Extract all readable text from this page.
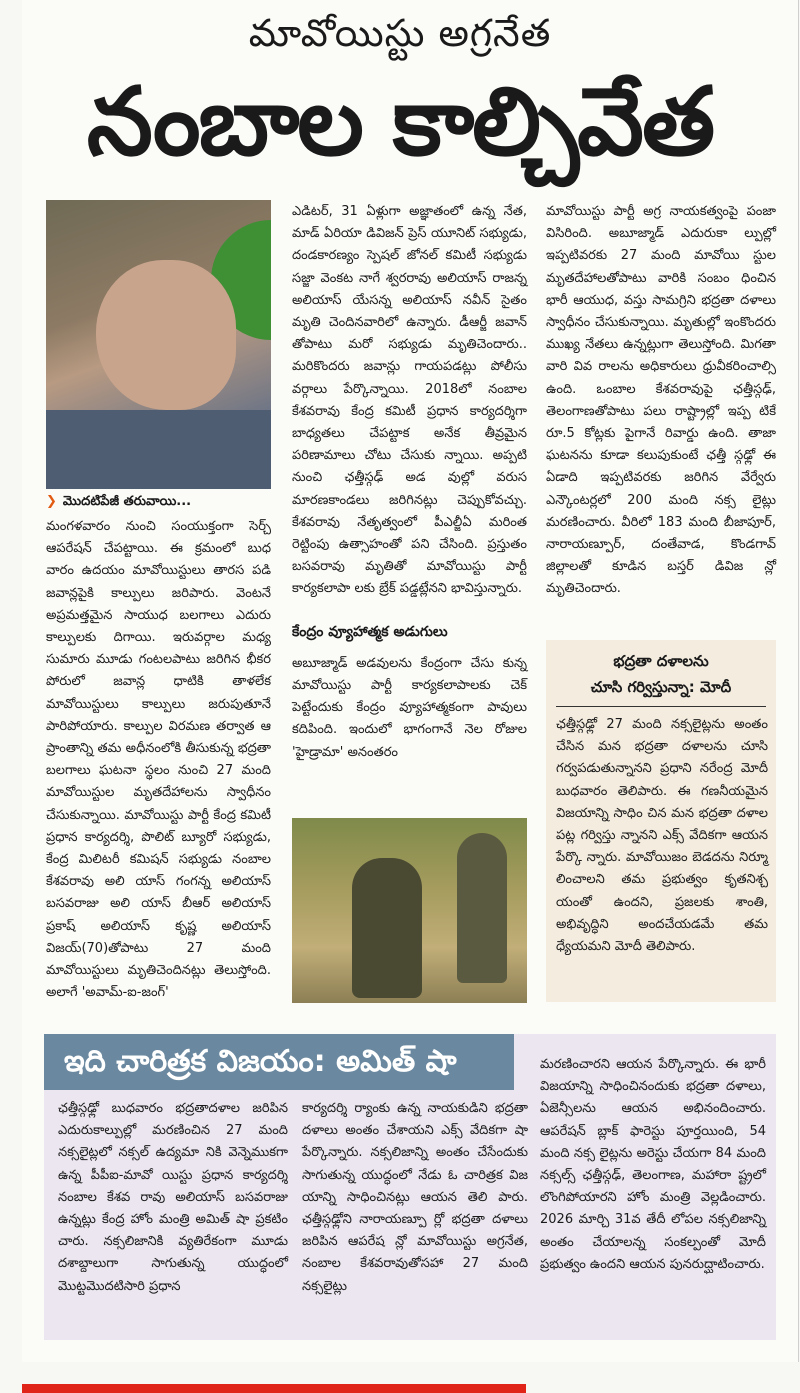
మావోయిస్టు అగ్రనేత
నంబాల కాల్చివేత
❯ మొదటిపేజీ తరువాయి...

మంగళవారం నుంచి సంయుక్తంగా సెర్చ్ ఆపరేషన్ చేపట్టాయి. ఈ క్రమంలో బుధ వారం ఉదయం మావోయిస్టులు తారస పడి జవాన్లపైకి కాల్పులు జరిపారు. వెంటనే అప్రమత్తమైన సాయుధ బలగాలు ఎదురు కాల్పులకు దిగాయి. ఇరువర్గాల మధ్య సుమారు మూడు గంటలపాటు జరిగిన భీకర పోరులో జవాన్ల ధాటికి తాళలేక మావోయిస్టులు కాల్పులు జరుపుతూనే పారిపోయారు. కాల్పుల విరమణ తర్వాత ఆ ప్రాంతాన్ని తమ అధీనంలోకి తీసుకున్న భద్రతా బలగాలు ఘటనా స్థలం నుంచి 27 మంది మావోయిస్టుల మృతదేహాలను స్వాధీనం చేసుకున్నాయి. మావోయిస్టు పార్టీ కేంద్ర కమిటీ ప్రధాన కార్యదర్శి, పొలిట్ బ్యూరో సభ్యుడు, కేంద్ర మిలిటరీ కమిషన్ సభ్యుడు నంబాల కేశవరావు అలి యాస్ గంగన్న అలియాస్ బసవరాజు అలి యాస్ బీఆర్ అలియాస్ ప్రకాష్ అలియాస్ కృష్ణ అలియాస్ విజయ్(70)తోపాటు 27 మంది మావోయిస్టులు మృతిచెందినట్లు తెలుస్తోంది. అలాగే 'అవామ్-ఐ-జంగ్'

ఎడిటర్, 31 ఏళ్లుగా అజ్ఞాతంలో ఉన్న నేత, మాడ్ ఏరియా డివిజన్ ప్రెస్ యూనిట్ సభ్యుడు, దండకారణ్యం స్పెషల్ జోనల్ కమిటీ సభ్యుడు సజ్జా వెంకట నాగే శ్వరరావు అలియాస్ రాజన్న అలియాస్ యేసన్న అలియాస్ నవీన్ సైతం మృతి చెందినవారిలో ఉన్నారు. డీఆర్జీ జవాన్ తోపాటు మరో సభ్యుడు మృతిచెందారు.. మరికొందరు జవాన్లు గాయపడట్లు పోలీసు వర్గాలు పేర్కొన్నాయి. 2018లో నంబాల కేశవరావు కేంద్ర కమిటీ ప్రధాన కార్యదర్శిగా బాధ్యతలు చేపట్టాక అనేక తీవ్రమైన పరిణామాలు చోటు చేసుకు న్నాయి. అప్పటి నుంచి ఛత్తీస్గఢ్ అడ వుల్లో వరుస మారణకాండలు జరిగినట్లు చెప్పుకోవచ్చు. కేశవరావు నేతృత్వంలో పీఎల్జీఏ మరింత రెట్టింపు ఉత్సాహంతో పని చేసింది. ప్రస్తుతం బసవరావు మృతితో మావోయిస్టు పార్టీ కార్యకలాపా లకు బ్రేక్ పడ్డట్లేనని భావిస్తున్నారు.

కేంద్రం వ్యూహాత్మక అడుగులు

అబూజ్మాడ్ అడవులను కేంద్రంగా చేసు కున్న మావోయిస్టు పార్టీ కార్యకలాపాలకు చెక్ పెట్టేందుకు కేంద్రం వ్యూహాత్మకంగా పావులు కదిపింది. ఇందులో భాగంగానే నెల రోజుల 'హైడ్రామా' అనంతరం

మావోయిస్టు పార్టీ అగ్ర నాయకత్వంపై పంజా విసిరింది. అబూజ్మాడ్ ఎదురుకా ల్పుల్లో ఇప్పటివరకు 27 మంది మావోయి స్టుల మృతదేహాలతోపాటు వారికి సంబం ధించిన భారీ ఆయుధ, వస్తు సామగ్రిని భద్రతా దళాలు స్వాధీనం చేసుకున్నాయి. మృతుల్లో ఇంకొందరు ముఖ్య నేతలు ఉన్నట్లుగా తెలుస్తోంది. మిగతా వారి వివ రాలను అధికారులు ధ్రువీకరించాల్సి ఉంది. ఒంబాల కేశవరావుపై ఛత్తీస్గఢ్, తెలంగాణతోపాటు పలు రాష్ట్రాల్లో ఇప్ప టికే రూ.5 కోట్లకు పైగానే రివార్డు ఉంది. తాజా ఘటనను కూడా కలుపుకుంటే ఛత్తీ స్గఢ్లో ఈ ఏడాది ఇప్పటివరకు జరిగిన వేర్వేరు ఎన్కౌంటర్లలో 200 మంది నక్స లైట్లు మరణించారు. వీరిలో 183 మంది బీజాపూర్, నారాయణ్పూర్, దంతేవాడ, కొండగావ్ జిల్లాలతో కూడిన బస్తర్ డివిజ న్లో మృతిచెందారు.

భద్రతా దళాలను
చూసి గర్విస్తున్నా: మోదీ

ఛత్తీస్గఢ్లో 27 మంది నక్సలైట్లను అంతం చేసిన మన భద్రతా దళాలను చూసి గర్వపడుతున్నానని ప్రధాని నరేంద్ర మోదీ బుధవారం తెలిపారు. ఈ గణనీయమైన విజయాన్ని సాధిం చిన మన భద్రతా దళాల పట్ల గర్విస్తు న్నానని ఎక్స్ వేదికగా ఆయన పేర్కొ న్నారు. మావోయిజం బెడదను నిర్మూ లించాలని తమ ప్రభుత్వం కృతనిశ్చ యంతో ఉందని, ప్రజలకు శాంతి, అభివృద్ధిని అందచేయడమే తమ ధ్యేయమని మోదీ తెలిపారు.

ఇది చారిత్రక విజయం: అమిత్ షా

ఛత్తీస్గఢ్లో బుధవారం భద్రతాదళాల జరిపిన ఎదురుకాల్పుల్లో మరణించిన 27 మంది నక్సలైట్లలో నక్సల్ ఉద్యమా నికి వెన్నెముకగా ఉన్న పీపీఐ-మావో యిస్టు ప్రధాన కార్యదర్శి నంబాల కేశవ రావు అలియాస్ బసవరాజు ఉన్నట్లు కేంద్ర హోం మంత్రి అమిత్ షా ప్రకటిం చారు. నక్సలిజానికి వ్యతిరేకంగా మూడు దశాబ్దాలుగా సాగుతున్న యుద్ధంలో మొట్టమొదటిసారి ప్రధాన

కార్యదర్శి ర్యాంకు ఉన్న నాయకుడిని భద్రతా దళాలు అంతం చేశాయని ఎక్స్ వేదికగా షా పేర్కొన్నారు. నక్సలిజాన్ని అంతం చేసేందుకు సాగుతున్న యుద్ధంలో నేడు ఓ చారిత్రక విజ యాన్ని సాధించినట్లు ఆయన తెలి పారు. ఛత్తీస్గఢ్లోని నారాయణ్పూ ర్లో భద్రతా దళాలు జరిపిన ఆపరేష న్లో మావోయిస్టు అగ్రనేత, నంబాల కేశవరావుతోసహా 27 మంది నక్సలైట్లు

మరణించారని ఆయన పేర్కొన్నారు. ఈ భారీ విజయాన్ని సాధించినందుకు భద్రతా దళాలు, ఏజెన్సీలను ఆయన అభినందించారు. ఆపరేషన్ బ్లాక్ ఫారెస్టు పూర్తయింది, 54 మంది నక్స లైట్లను అరెస్టు చేయగా 84 మంది నక్సల్స్ ఛత్తీస్గఢ్, తెలంగాణ, మహారా ష్ట్రలో లొంగిపోయారని హోం మంత్రి వెల్లడించారు. 2026 మార్చి 31వ తేదీ లోపల నక్సలిజాన్ని అంతం చేయాలన్న సంకల్పంతో మోదీ ప్రభుత్వం ఉందని ఆయన పునరుద్ఘాటించారు.
